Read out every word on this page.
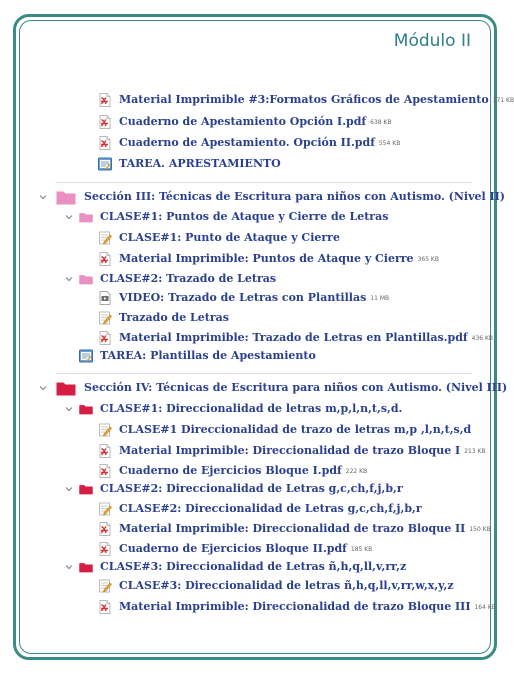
Módulo II
Material Imprimible #3:Formatos Gráficos de Apestamiento 371 KB
Cuaderno de Apestamiento Opción I.pdf 638 KB
Cuaderno de Apestamiento. Opción II.pdf 554 KB
TAREA. APRESTAMIENTO
Sección III: Técnicas de Escritura para niños con Autismo. (Nivel II)
CLASE#1: Puntos de Ataque y Cierre de Letras
CLASE#1: Punto de Ataque y Cierre
Material Imprimible: Puntos de Ataque y Cierre 365 KB
CLASE#2: Trazado de Letras
VIDEO: Trazado de Letras con Plantillas 11 MB
Trazado de Letras
Material Imprimible: Trazado de Letras en Plantillas.pdf 436 KB
TAREA: Plantillas de Apestamiento
Sección IV: Técnicas de Escritura para niños con Autismo. (Nivel III)
CLASE#1: Direccionalidad de letras m,p,l,n,t,s,d.
CLASE#1 Direccionalidad de trazo de letras m,p ,l,n,t,s,d
Material Imprimible: Direccionalidad de trazo Bloque I 213 KB
Cuaderno de Ejercicios Bloque I.pdf 222 KB
CLASE#2: Direccionalidad de Letras g,c,ch,f,j,b,r
CLASE#2: Direccionalidad de Letras g,c,ch,f,j,b,r
Material Imprimible: Direccionalidad de trazo Bloque II 150 KB
Cuaderno de Ejercicios Bloque II.pdf 185 KB
CLASE#3: Direccionalidad de Letras ñ,h,q,ll,v,rr,z
CLASE#3: Direccionalidad de letras ñ,h,q,ll,v,rr,w,x,y,z
Material Imprimible: Direccionalidad de trazo Bloque III 164 KB
